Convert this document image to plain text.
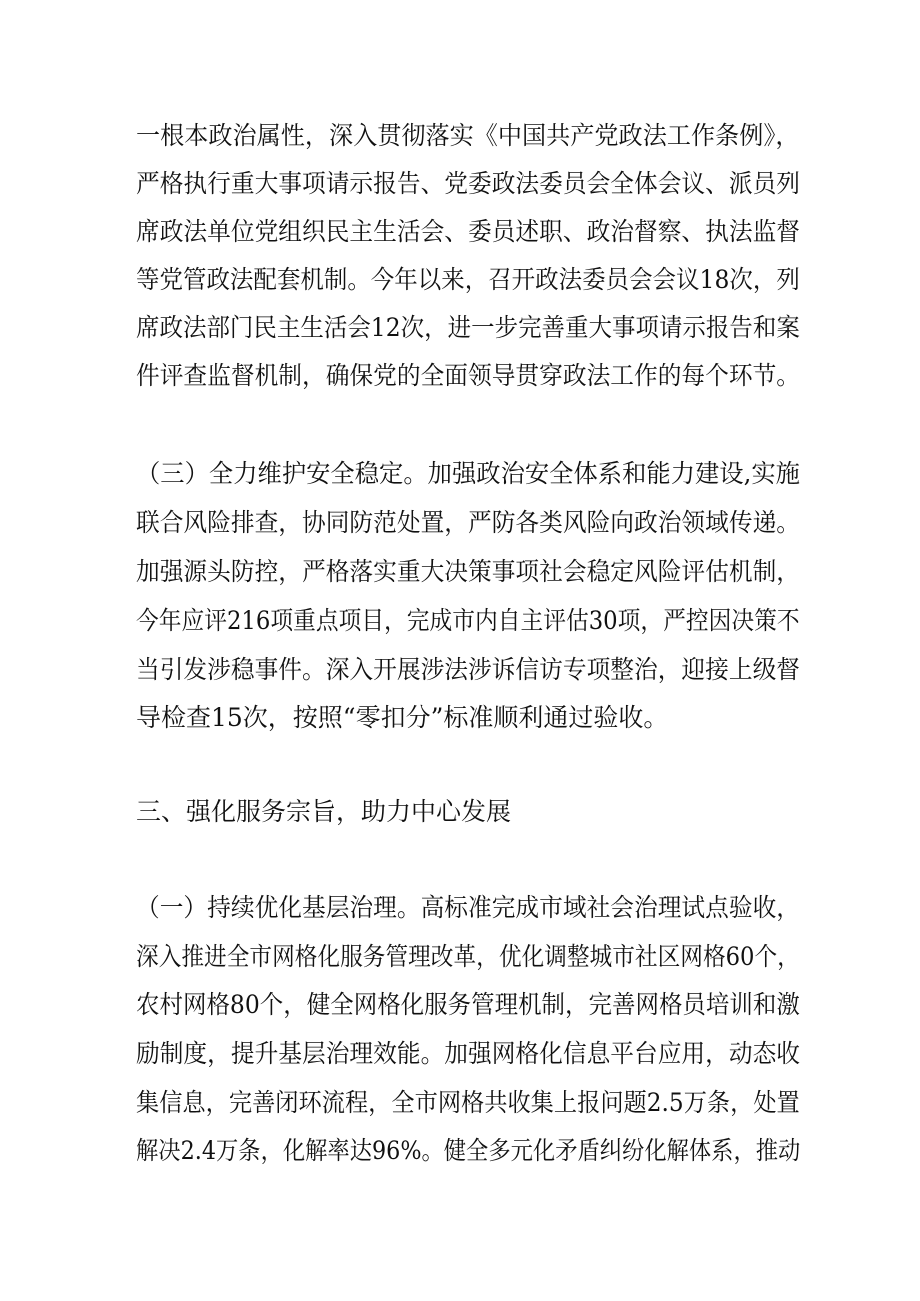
一根本政治属性，深入贯彻落实《中国共产党政法工作条例》，
严格执行重大事项请示报告、党委政法委员会全体会议、派员列
席政法单位党组织民主生活会、委员述职、政治督察、执法监督
等党管政法配套机制。今年以来，召开政法委员会会议18次，列
席政法部门民主生活会12次，进一步完善重大事项请示报告和案
件评查监督机制，确保党的全面领导贯穿政法工作的每个环节。
（三）全力维护安全稳定。加强政治安全体系和能力建设,实施
联合风险排查，协同防范处置，严防各类风险向政治领域传递。
加强源头防控，严格落实重大决策事项社会稳定风险评估机制，
今年应评216项重点项目，完成市内自主评估30项，严控因决策不
当引发涉稳事件。深入开展涉法涉诉信访专项整治，迎接上级督
导检查15次，按照“零扣分”标准顺利通过验收。
三、强化服务宗旨，助力中心发展
（一）持续优化基层治理。高标准完成市域社会治理试点验收，
深入推进全市网格化服务管理改革，优化调整城市社区网格60个，
农村网格80个，健全网格化服务管理机制，完善网格员培训和激
励制度，提升基层治理效能。加强网格化信息平台应用，动态收
集信息，完善闭环流程，全市网格共收集上报问题2.5万条，处置
解决2.4万条，化解率达96%。健全多元化矛盾纠纷化解体系，推动
